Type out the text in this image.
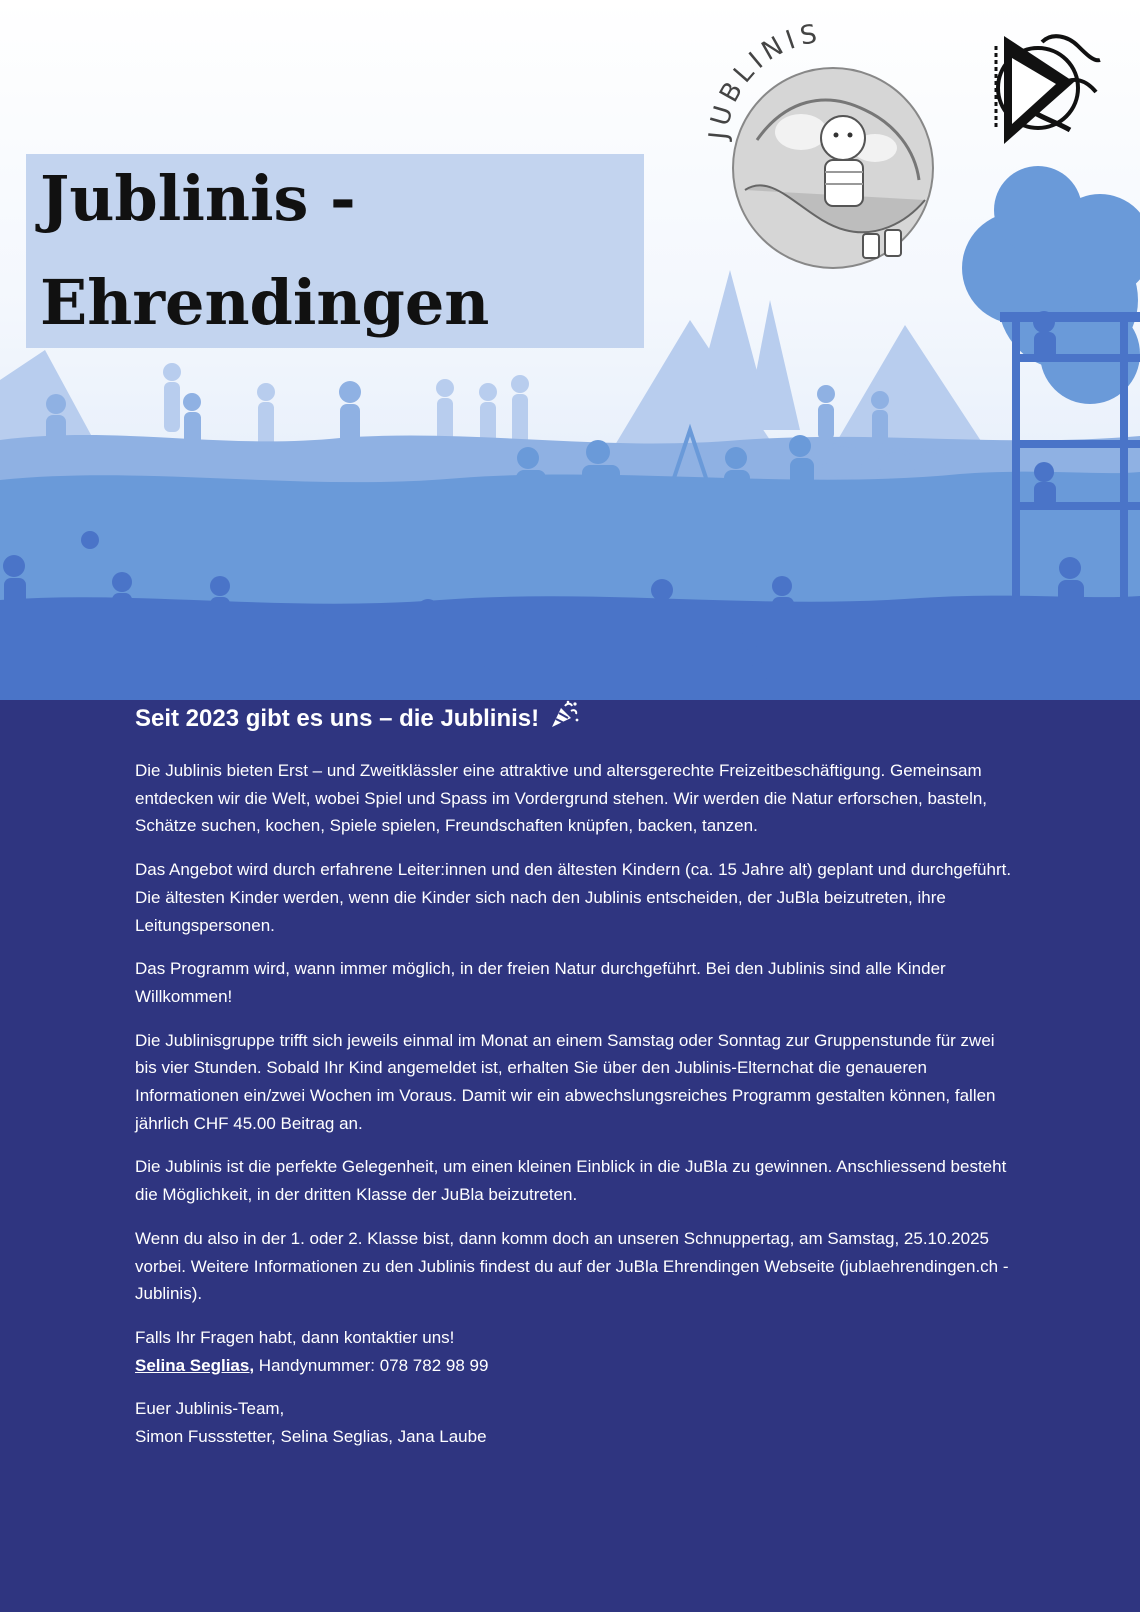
Jublinis -
Ehrendingen
JUBLINIS
Seit 2023 gibt es uns – die Jublinis!

Die Jublinis bieten Erst – und Zweitklässler eine attraktive und altersgerechte Freizeitbeschäftigung. Gemeinsam entdecken wir die Welt, wobei Spiel und Spass im Vordergrund stehen. Wir werden die Natur erforschen, basteln, Schätze suchen, kochen, Spiele spielen, Freundschaften knüpfen, backen, tanzen.

Das Angebot wird durch erfahrene Leiter:innen und den ältesten Kindern (ca. 15 Jahre alt) geplant und durchgeführt. Die ältesten Kinder werden, wenn die Kinder sich nach den Jublinis entscheiden, der JuBla beizutreten, ihre Leitungspersonen.

Das Programm wird, wann immer möglich, in der freien Natur durchgeführt. Bei den Jublinis sind alle Kinder Willkommen!

Die Jublinisgruppe trifft sich jeweils einmal im Monat an einem Samstag oder Sonntag zur Gruppenstunde für zwei bis vier Stunden. Sobald Ihr Kind angemeldet ist, erhalten Sie über den Jublinis-Elternchat die genaueren Informationen ein/zwei Wochen im Voraus. Damit wir ein abwechslungsreiches Programm gestalten können, fallen jährlich CHF 45.00 Beitrag an.

Die Jublinis ist die perfekte Gelegenheit, um einen kleinen Einblick in die JuBla zu gewinnen. Anschliessend besteht die Möglichkeit, in der dritten Klasse der JuBla beizutreten.

Wenn du also in der 1. oder 2. Klasse bist, dann komm doch an unseren Schnuppertag, am Samstag, 25.10.2025 vorbei. Weitere Informationen zu den Jublinis findest du auf der JuBla Ehrendingen Webseite (jublaehrendingen.ch - Jublinis).

Falls Ihr Fragen habt, dann kontaktier uns!
Selina Seglias, Handynummer: 078 782 98 99

Euer Jublinis-Team,
Simon Fussstetter, Selina Seglias, Jana Laube
